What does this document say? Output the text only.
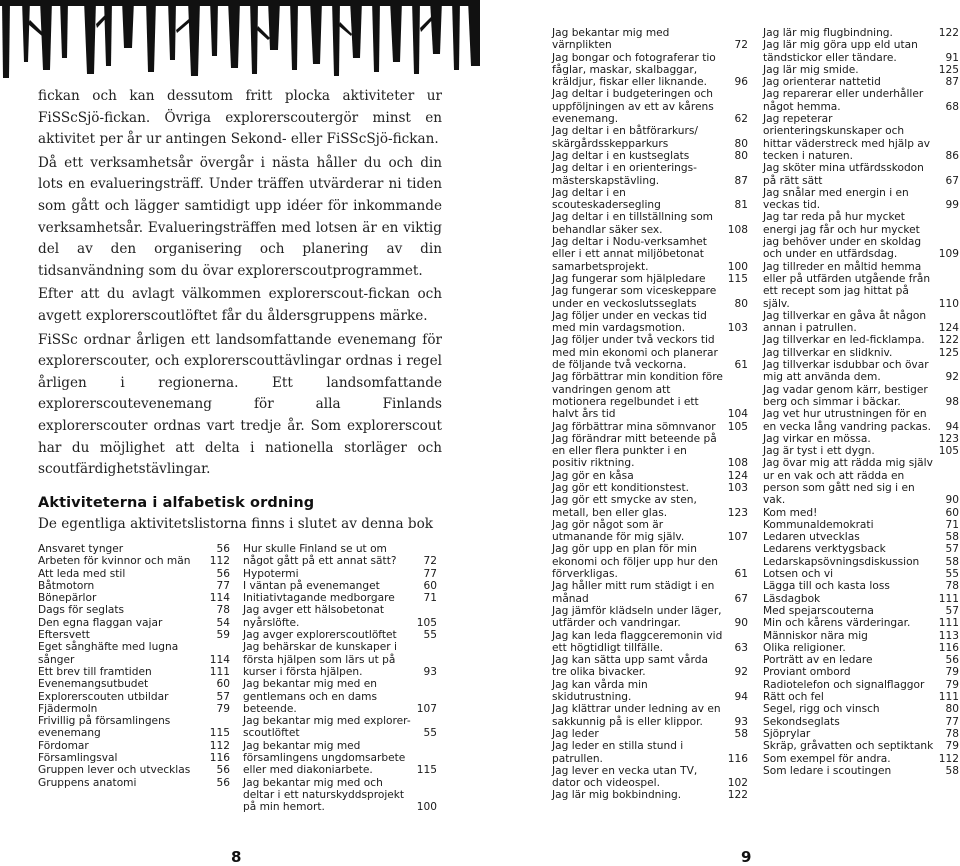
fickan och kan dessutom fritt plocka aktiviteter ur FiSScSjö-fickan. Övriga explorerscoutergör minst en aktivitet per år ur antingen Sekond- eller FiSScSjö-fickan.

Då ett verksamhetsår övergår i nästa håller du och din lots en evalueringsträff. Under träffen utvärderar ni tiden som gått och lägger samtidigt upp idéer för inkommande verksamhetsår. Evalueringsträffen med lotsen är en viktig del av den organisering och planering av din tidsanvändning som du övar explorerscoutprogrammet.

Efter att du avlagt välkommen explorerscout-fickan och avgett explorerscoutlöftet får du åldersgruppens märke.

FiSSc ordnar årligen ett landsomfattande evenemang för explorerscouter, och explorerscouttävlingar ordnas i regel årligen i regionerna. Ett landsomfattande explorerscoutevenemang för alla Finlands explorerscouter ordnas vart tredje år. Som explorerscout har du möjlighet att delta i nationella storläger och scoutfärdighetstävlingar.

Aktiviteterna i alfabetisk ordning
De egentliga aktivitetslistorna finns i slutet av denna bok
Ansvaret tynger	56
Arbeten för kvinnor och män	112
Att leda med stil	56
Båtmotorn	77
Bönepärlor	114
Dags för seglats	78
Den egna flaggan vajar	54
Eftersvett	59
Eget sånghäfte med lugna sånger	114
Ett brev till framtiden	111
Evenemangsutbudet	60
Explorerscouten utbildar	57
Fjädermoln	79
Frivillig på församlingens evenemang	115
Fördomar	112
Församlingsval	116
Gruppen lever och utvecklas	56
Gruppens anatomi	56
Hur skulle Finland se ut om något gått på ett annat sätt?	72
Hypotermi	77
I väntan på evenemanget	60
Initiativtagande medborgare	71
Jag avger ett hälsobetonat nyårslöfte.	105
Jag avger explorerscoutlöftet	55
Jag behärskar de kunskaper i första hjälpen som lärs ut på kurser i första hjälpen.	93
Jag bekantar mig med en gentlemans och en dams beteende.	107
Jag bekantar mig med explorer-scoutlöftet	55
Jag bekantar mig med församlingens ungdomsarbete eller med diakoniarbete.	115
Jag bekantar mig med och deltar i ett naturskyddsprojekt på min hemort.	100
8
Jag bekantar mig med värnplikten	72
Jag bongar och fotograferar tio fåglar, maskar, skalbaggar, kräldjur, fiskar eller liknande.	96
Jag deltar i budgeteringen och uppföljningen av ett av kårens evenemang.	62
Jag deltar i en båtförarkurs/ skärgårdsskepparkurs	80
Jag deltar i en kustseglats	80
Jag deltar i en orienterings-mästerskapstävling.	87
Jag deltar i en scouteskadersegling	81
Jag deltar i en tillställning som behandlar säker sex.	108
Jag deltar i Nodu-verksamhet eller i ett annat miljöbetonat samarbetsprojekt.	100
Jag fungerar som hjälpledare	115
Jag fungerar som viceskeppare under en veckoslutsseglats	80
Jag följer under en veckas tid med min vardagsmotion.	103
Jag följer under två veckors tid med min ekonomi och planerar de följande två veckorna.	61
Jag förbättrar min kondition före vandringen genom att motionera regelbundet i ett halvt års tid	104
Jag förbättrar mina sömnvanor	105
Jag förändrar mitt beteende på en eller flera punkter i en positiv riktning.	108
Jag gör en kåsa	124
Jag gör ett konditionstest.	103
Jag gör ett smycke av sten, metall, ben eller glas.	123
Jag gör något som är utmanande för mig själv.	107
Jag gör upp en plan för min ekonomi och följer upp hur den förverkligas.	61
Jag håller mitt rum städigt i en månad	67
Jag jämför klädseln under läger, utfärder och vandringar.	90
Jag kan leda flaggceremonin vid ett högtidligt tillfälle.	63
Jag kan sätta upp samt vårda tre olika bivacker.	92
Jag kan vårda min skidutrustning.	94
Jag klättrar under ledning av en sakkunnig på is eller klippor.	93
Jag leder	58
Jag leder en stilla stund i patrullen.	116
Jag lever en vecka utan TV, dator och videospel.	102
Jag lär mig bokbindning.	122
Jag lär mig flugbindning.	122
Jag lär mig göra upp eld utan tändstickor eller tändare.	91
Jag lär mig smide.	125
Jag orienterar nattetid	87
Jag reparerar eller underhåller något hemma.	68
Jag repeterar orienteringskunskaper och hittar väderstreck med hjälp av tecken i naturen.	86
Jag sköter mina utfärdsskodon på rätt sätt	67
Jag snålar med energin i en veckas tid.	99
Jag tar reda på hur mycket energi jag får och hur mycket jag behöver under en skoldag och under en utfärdsdag.	109
Jag tillreder en måltid hemma eller på utfärden utgående från ett recept som jag hittat på själv.	110
Jag tillverkar en gåva åt någon annan i patrullen.	124
Jag tillverkar en led-ficklampa.	122
Jag tillverkar en slidkniv.	125
Jag tillverkar isdubbar och övar mig att använda dem.	92
Jag vadar genom kärr, bestiger berg och simmar i bäckar.	98
Jag vet hur utrustningen för en en vecka lång vandring packas.	94
Jag virkar en mössa.	123
Jag är tyst i ett dygn.	105
Jag övar mig att rädda mig själv ur en vak och att rädda en person som gått ned sig i en vak.	90
Kom med!	60
Kommunaldemokrati	71
Ledaren utvecklas	58
Ledarens verktygsback	57
Ledarskapsövningsdiskussion	58
Lotsen och vi	55
Lägga till och kasta loss	78
Läsdagbok	111
Med spejarscouterna	57
Min och kårens värderingar.	111
Människor nära mig	113
Olika religioner.	116
Porträtt av en ledare	56
Proviant ombord	79
Radiotelefon och signalflaggor	79
Rätt och fel	111
Segel, rigg och vinsch	80
Sekondseglats	77
Sjöprylar	78
Skräp, gråvatten och septiktank	79
Som exempel för andra.	112
Som ledare i scoutingen	58
9
